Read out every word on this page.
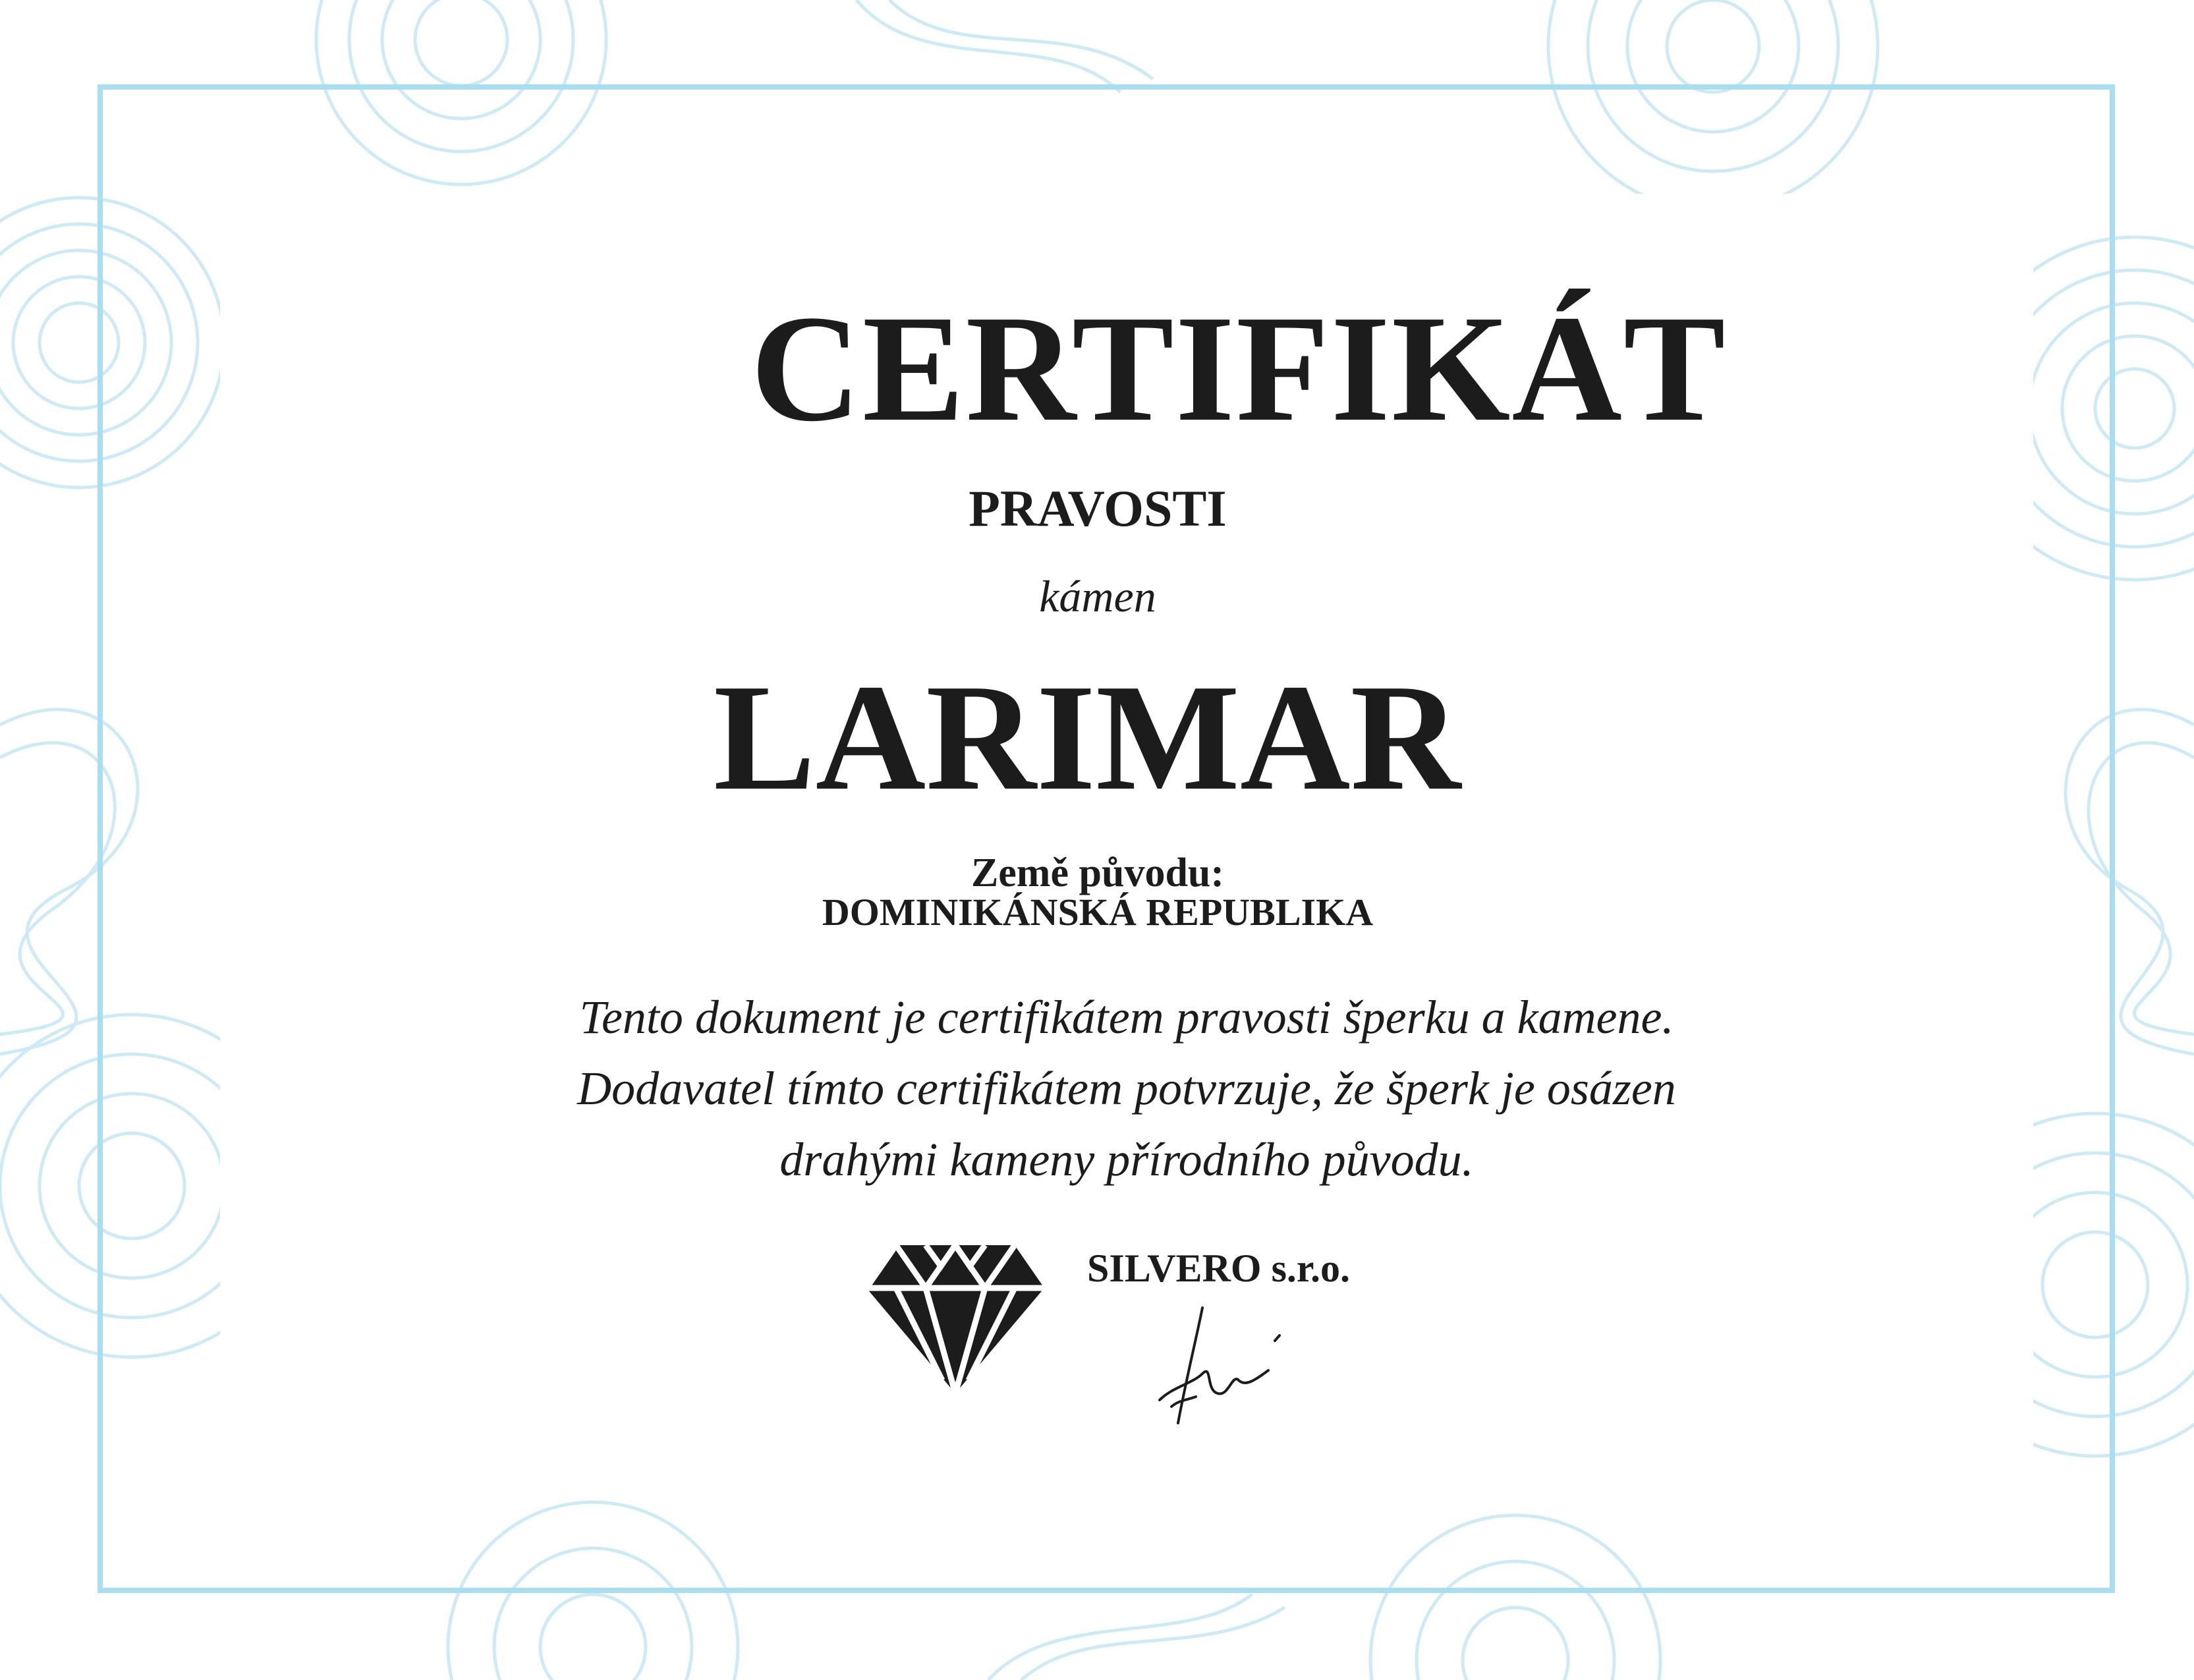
CERTIFIKÁT
PRAVOSTI
kámen
LARIMAR
Země původu:
DOMINIKÁNSKÁ REPUBLIKA
Tento dokument je certifikátem pravosti šperku a kamene.
Dodavatel tímto certifikátem potvrzuje, že šperk je osázen
drahými kameny přírodního původu.
SILVERO s.r.o.
